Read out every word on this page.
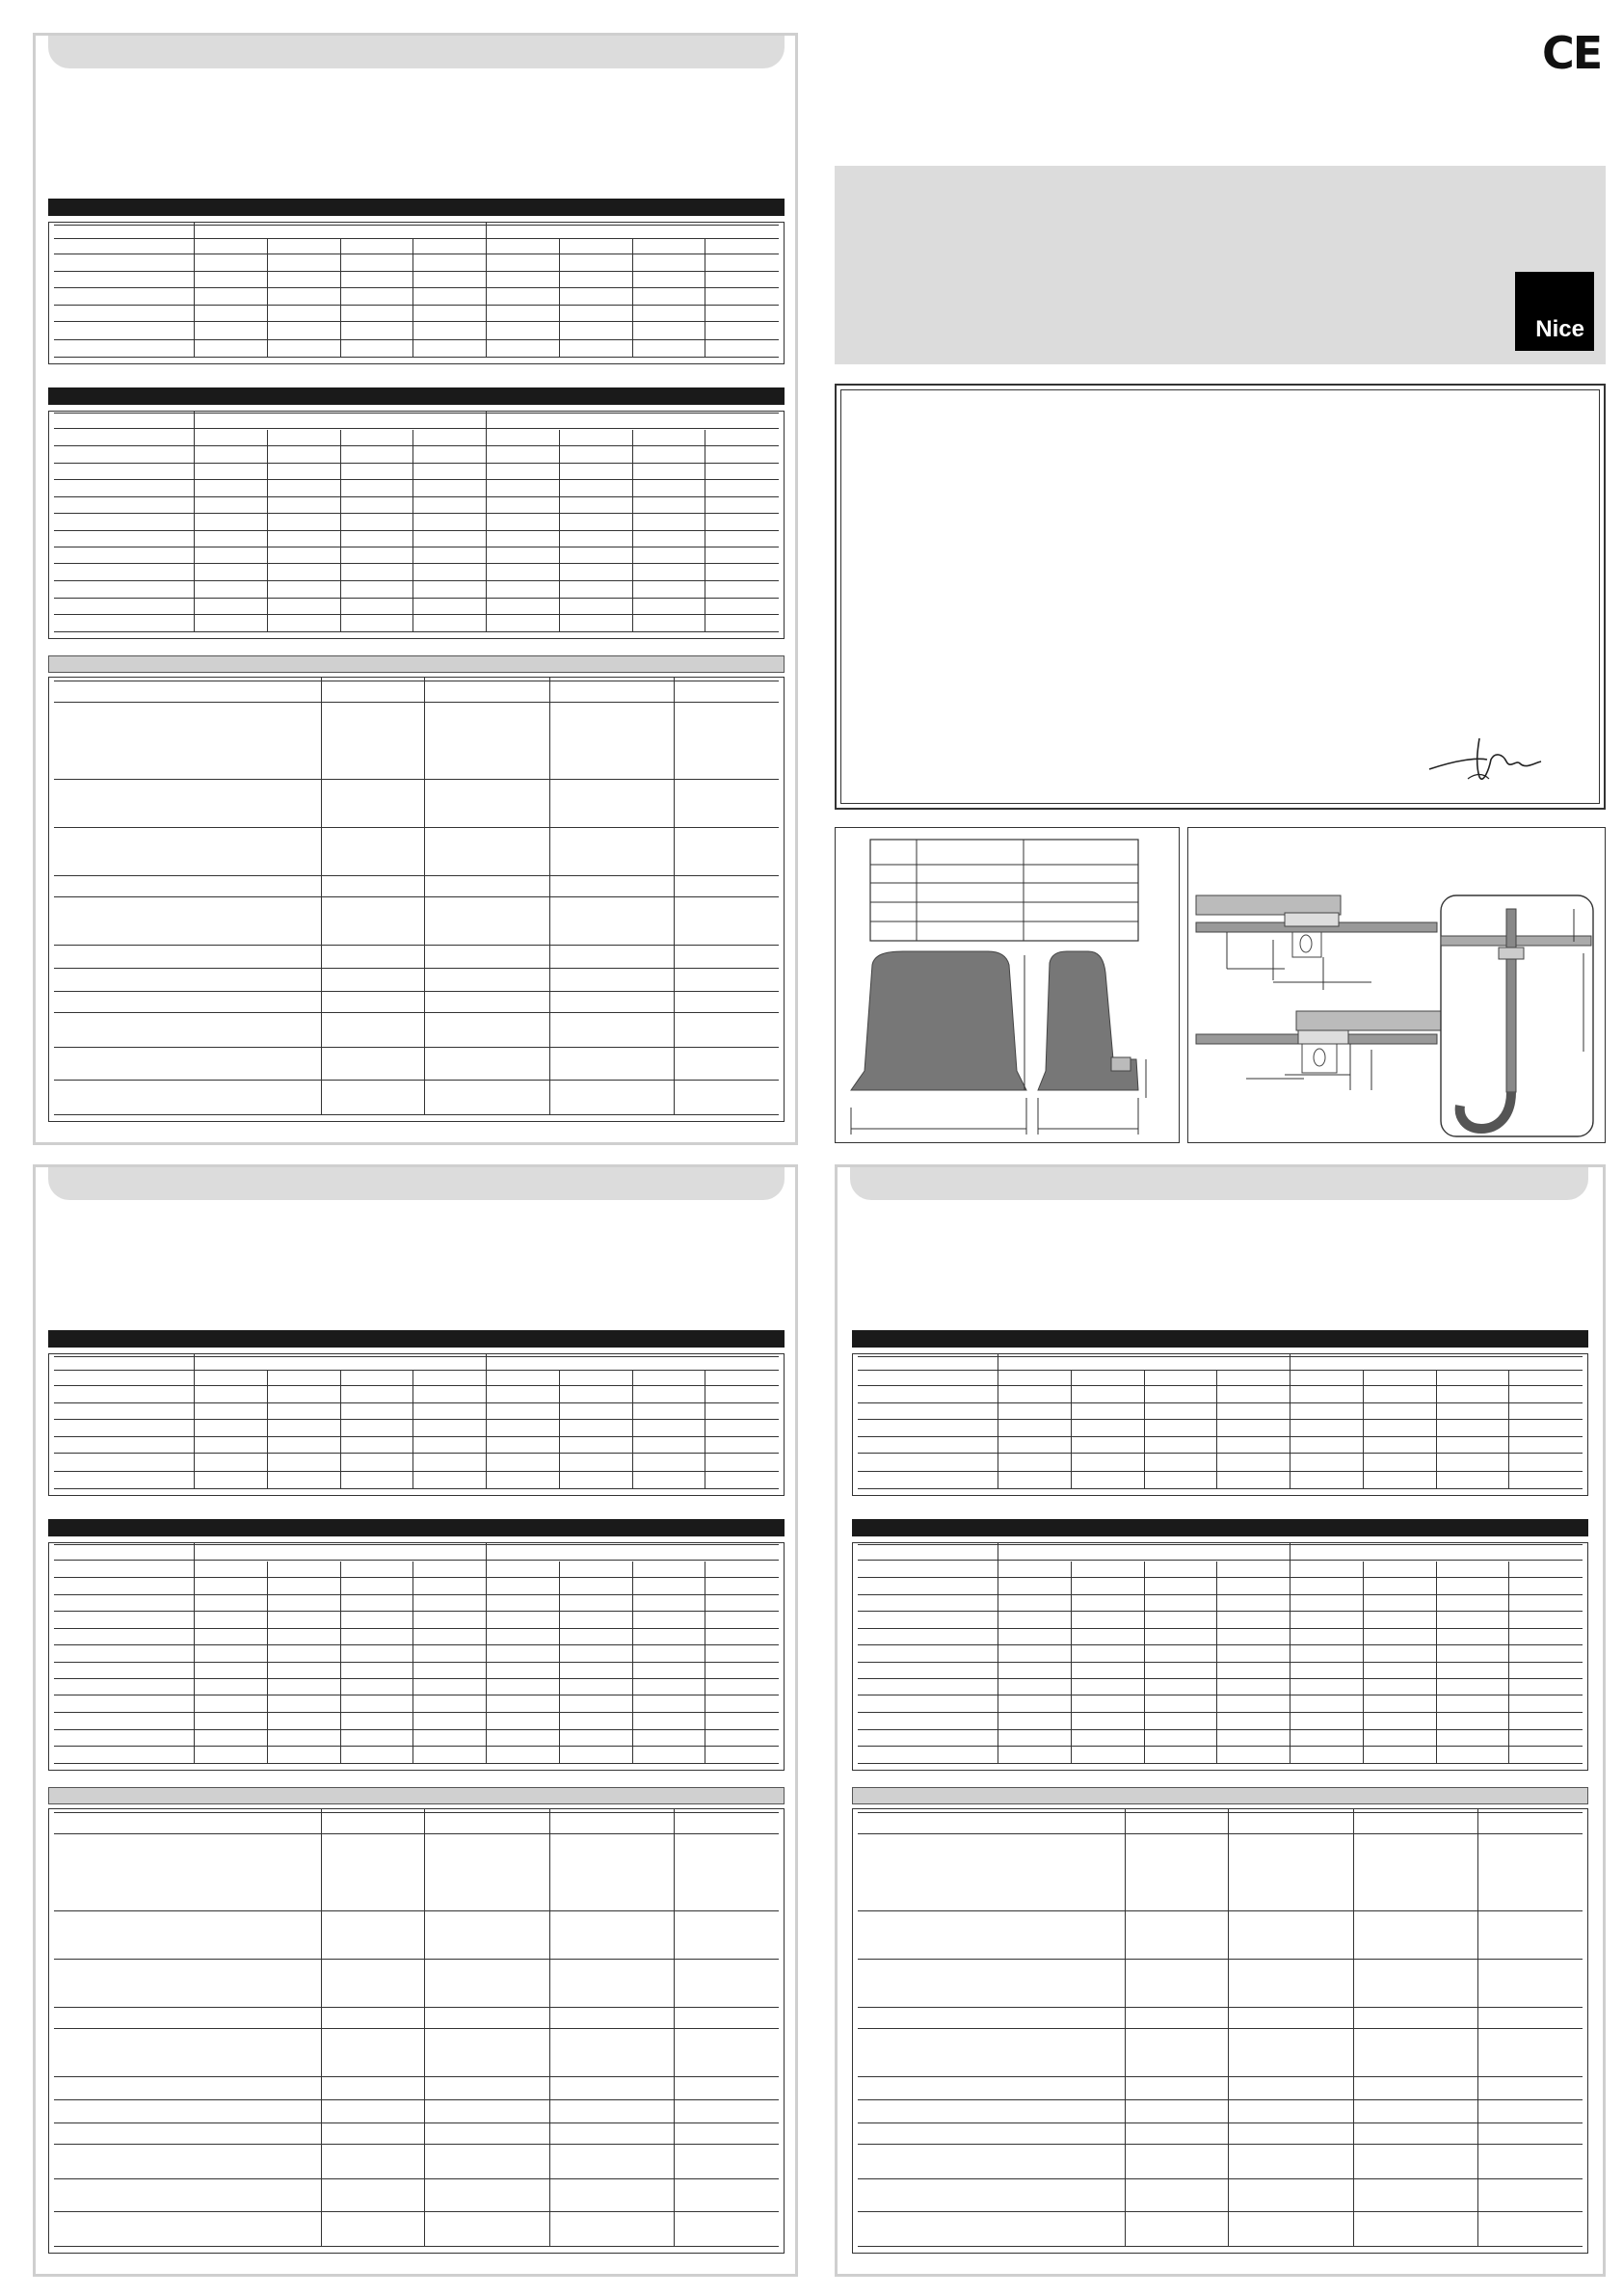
CE
Nice
